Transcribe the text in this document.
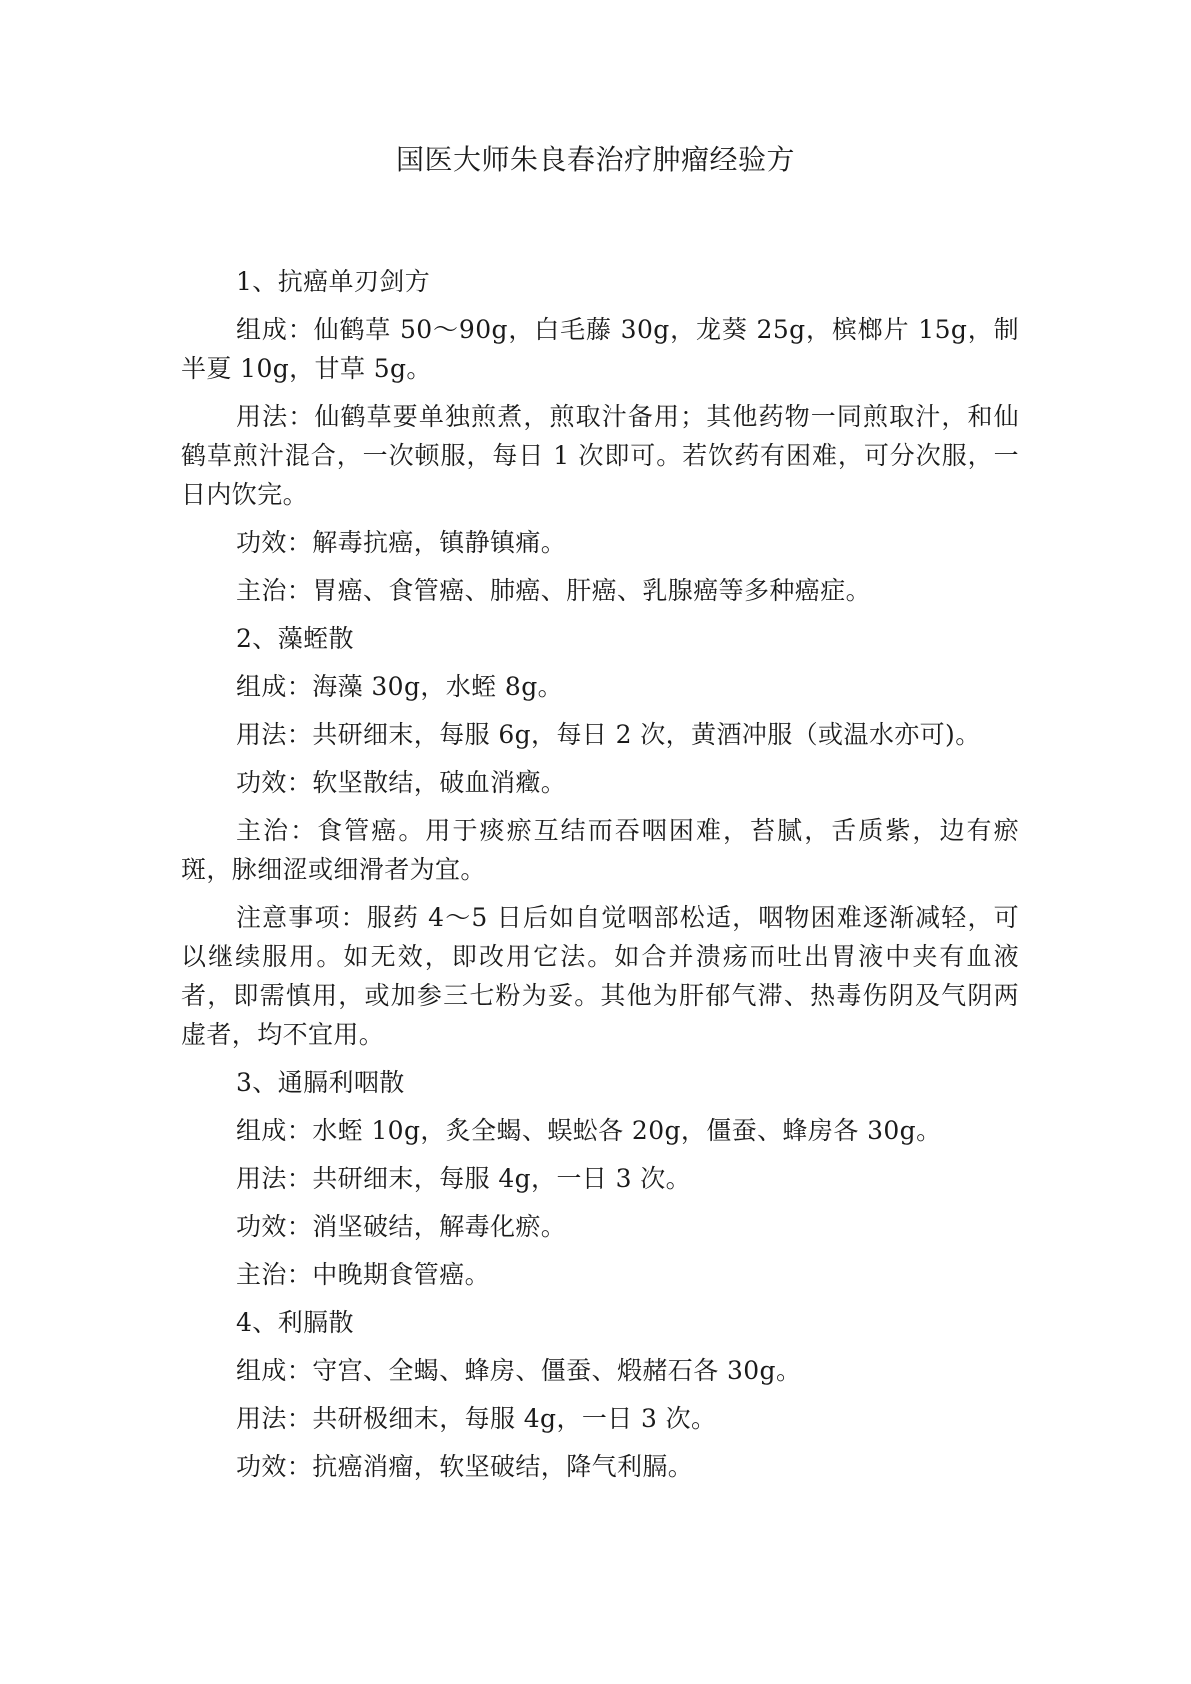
国医大师朱良春治疗肿瘤经验方

1、抗癌单刃剑方

组成：仙鹤草 50～90g，白毛藤 30g，龙葵 25g，槟榔片 15g，制半夏 10g，甘草 5g。

用法：仙鹤草要单独煎煮，煎取汁备用；其他药物一同煎取汁，和仙鹤草煎汁混合，一次顿服，每日 1 次即可。若饮药有困难，可分次服，一日内饮完。

功效：解毒抗癌，镇静镇痛。

主治：胃癌、食管癌、肺癌、肝癌、乳腺癌等多种癌症。

2、藻蛭散

组成：海藻 30g，水蛭 8g。

用法：共研细末，每服 6g，每日 2 次，黄酒冲服（或温水亦可)。

功效：软坚散结，破血消癥。

主治：食管癌。用于痰瘀互结而吞咽困难，苔腻，舌质紫，边有瘀斑，脉细涩或细滑者为宜。

注意事项：服药 4～5 日后如自觉咽部松适，咽物困难逐渐减轻，可以继续服用。如无效，即改用它法。如合并溃疡而吐出胃液中夹有血液者，即需慎用，或加参三七粉为妥。其他为肝郁气滞、热毒伤阴及气阴两虚者，均不宜用。

3、通膈利咽散

组成：水蛭 10g，炙全蝎、蜈蚣各 20g，僵蚕、蜂房各 30g。

用法：共研细末，每服 4g，一日 3 次。

功效：消坚破结，解毒化瘀。

主治：中晚期食管癌。

4、利膈散

组成：守宫、全蝎、蜂房、僵蚕、煅赭石各 30g。

用法：共研极细末，每服 4g，一日 3 次。

功效：抗癌消瘤，软坚破结，降气利膈。
